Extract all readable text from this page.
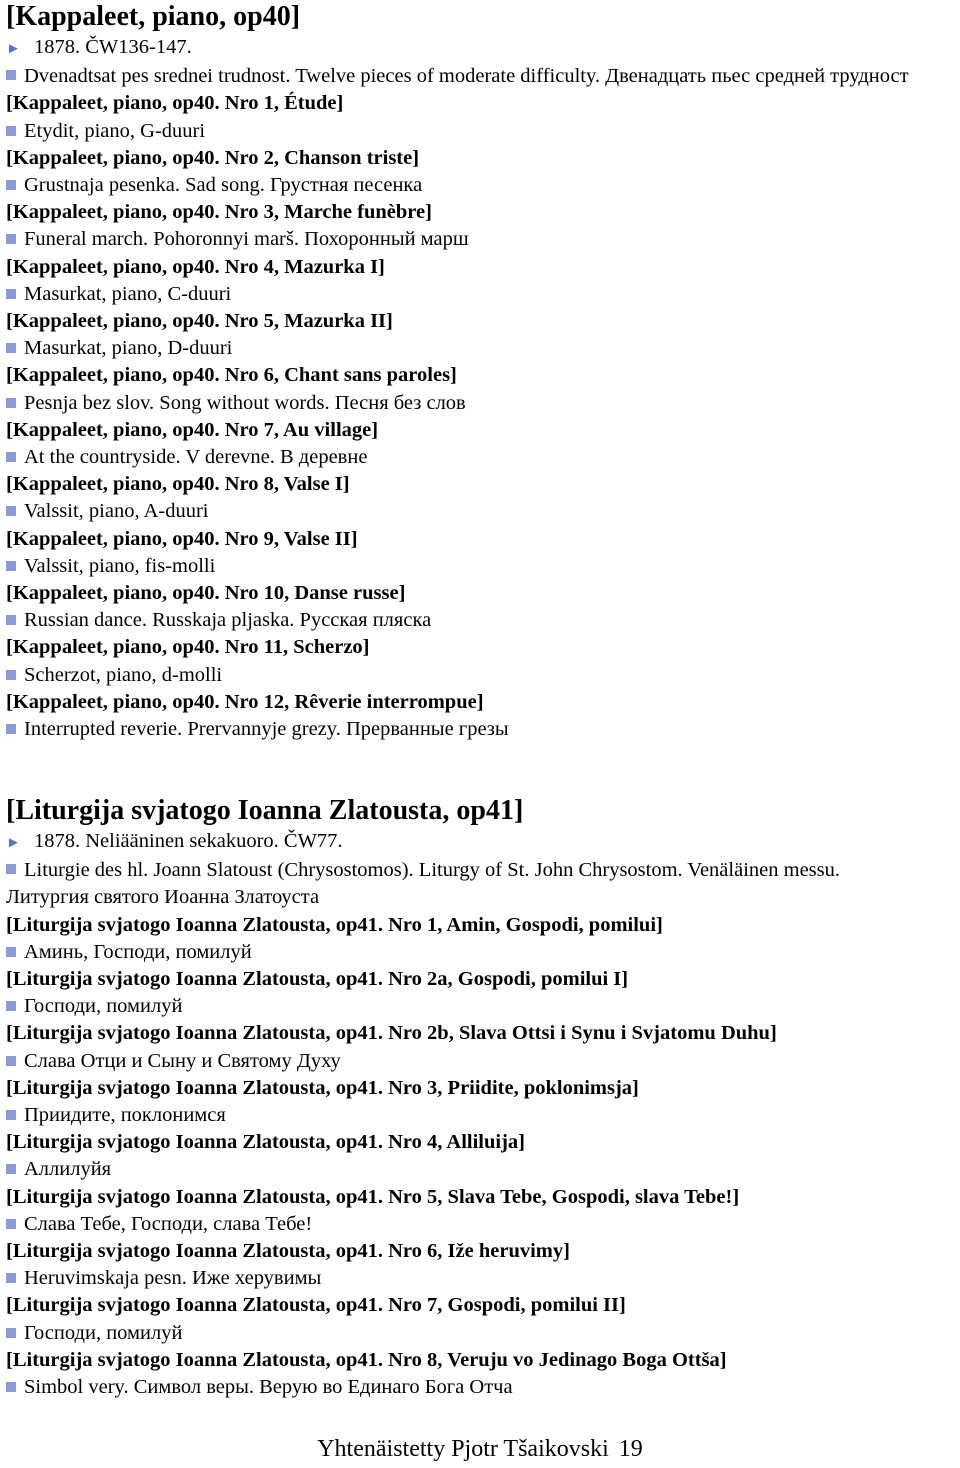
[Kappaleet, piano, op40]
► 1878. ČW136-147.
Dvenadtsat pes srednei trudnost. Twelve pieces of moderate difficulty. Двенадцать пьес средней трудност
[Kappaleet, piano, op40. Nro 1, Étude]
Etydit, piano, G-duuri
[Kappaleet, piano, op40. Nro 2, Chanson triste]
Grustnaja pesenka. Sad song. Грустная песенка
[Kappaleet, piano, op40. Nro 3, Marche funèbre]
Funeral march. Pohoronnyi marš. Похоронный марш
[Kappaleet, piano, op40. Nro 4, Mazurka I]
Masurkat, piano, C-duuri
[Kappaleet, piano, op40. Nro 5, Mazurka II]
Masurkat, piano, D-duuri
[Kappaleet, piano, op40. Nro 6, Chant sans paroles]
Pesnja bez slov. Song without words. Песня без слов
[Kappaleet, piano, op40. Nro 7, Au village]
At the countryside. V derevne. В деревне
[Kappaleet, piano, op40. Nro 8, Valse I]
Valssit, piano, A-duuri
[Kappaleet, piano, op40. Nro 9, Valse II]
Valssit, piano, fis-molli
[Kappaleet, piano, op40. Nro 10, Danse russe]
Russian dance. Russkaja pljaska. Русская пляска
[Kappaleet, piano, op40. Nro 11, Scherzo]
Scherzot, piano, d-molli
[Kappaleet, piano, op40. Nro 12, Rêverie interrompue]
Interrupted reverie. Prervannyje grezy. Прерванные грезы
[Liturgija svjatogo Ioanna Zlatousta, op41]
► 1878. Neliääninen sekakuoro. ČW77.
Liturgie des hl. Joann Slatoust (Chrysostomos). Liturgy of St. John Chrysostom. Venäläinen messu. Литургия святого Иоанна Златоуста
[Liturgija svjatogo Ioanna Zlatousta, op41. Nro 1, Amin, Gospodi, pomilui]
Аминь, Господи, помилуй
[Liturgija svjatogo Ioanna Zlatousta, op41. Nro 2a, Gospodi, pomilui I]
Господи, помилуй
[Liturgija svjatogo Ioanna Zlatousta, op41. Nro 2b, Slava Ottsi i Synu i Svjatomu Duhu]
Слава Отци и Сыну и Святому Духу
[Liturgija svjatogo Ioanna Zlatousta, op41. Nro 3, Priidite, poklonimsja]
Приидите, поклонимся
[Liturgija svjatogo Ioanna Zlatousta, op41. Nro 4, Alliluija]
Аллилуйя
[Liturgija svjatogo Ioanna Zlatousta, op41. Nro 5, Slava Tebe, Gospodi, slava Tebe!]
Слава Тебе, Господи, слава Тебе!
[Liturgija svjatogo Ioanna Zlatousta, op41. Nro 6, Iže heruvimy]
Heruvimskaja pesn. Иже херувимы
[Liturgija svjatogo Ioanna Zlatousta, op41. Nro 7, Gospodi, pomilui II]
Господи, помилуй
[Liturgija svjatogo Ioanna Zlatousta, op41. Nro 8, Veruju vo Jedinago Boga Ottša]
Simbol very. Символ веры. Верую во Единаго Бога Отча
Yhtenäistetty Pjotr Tšaikovski 19
